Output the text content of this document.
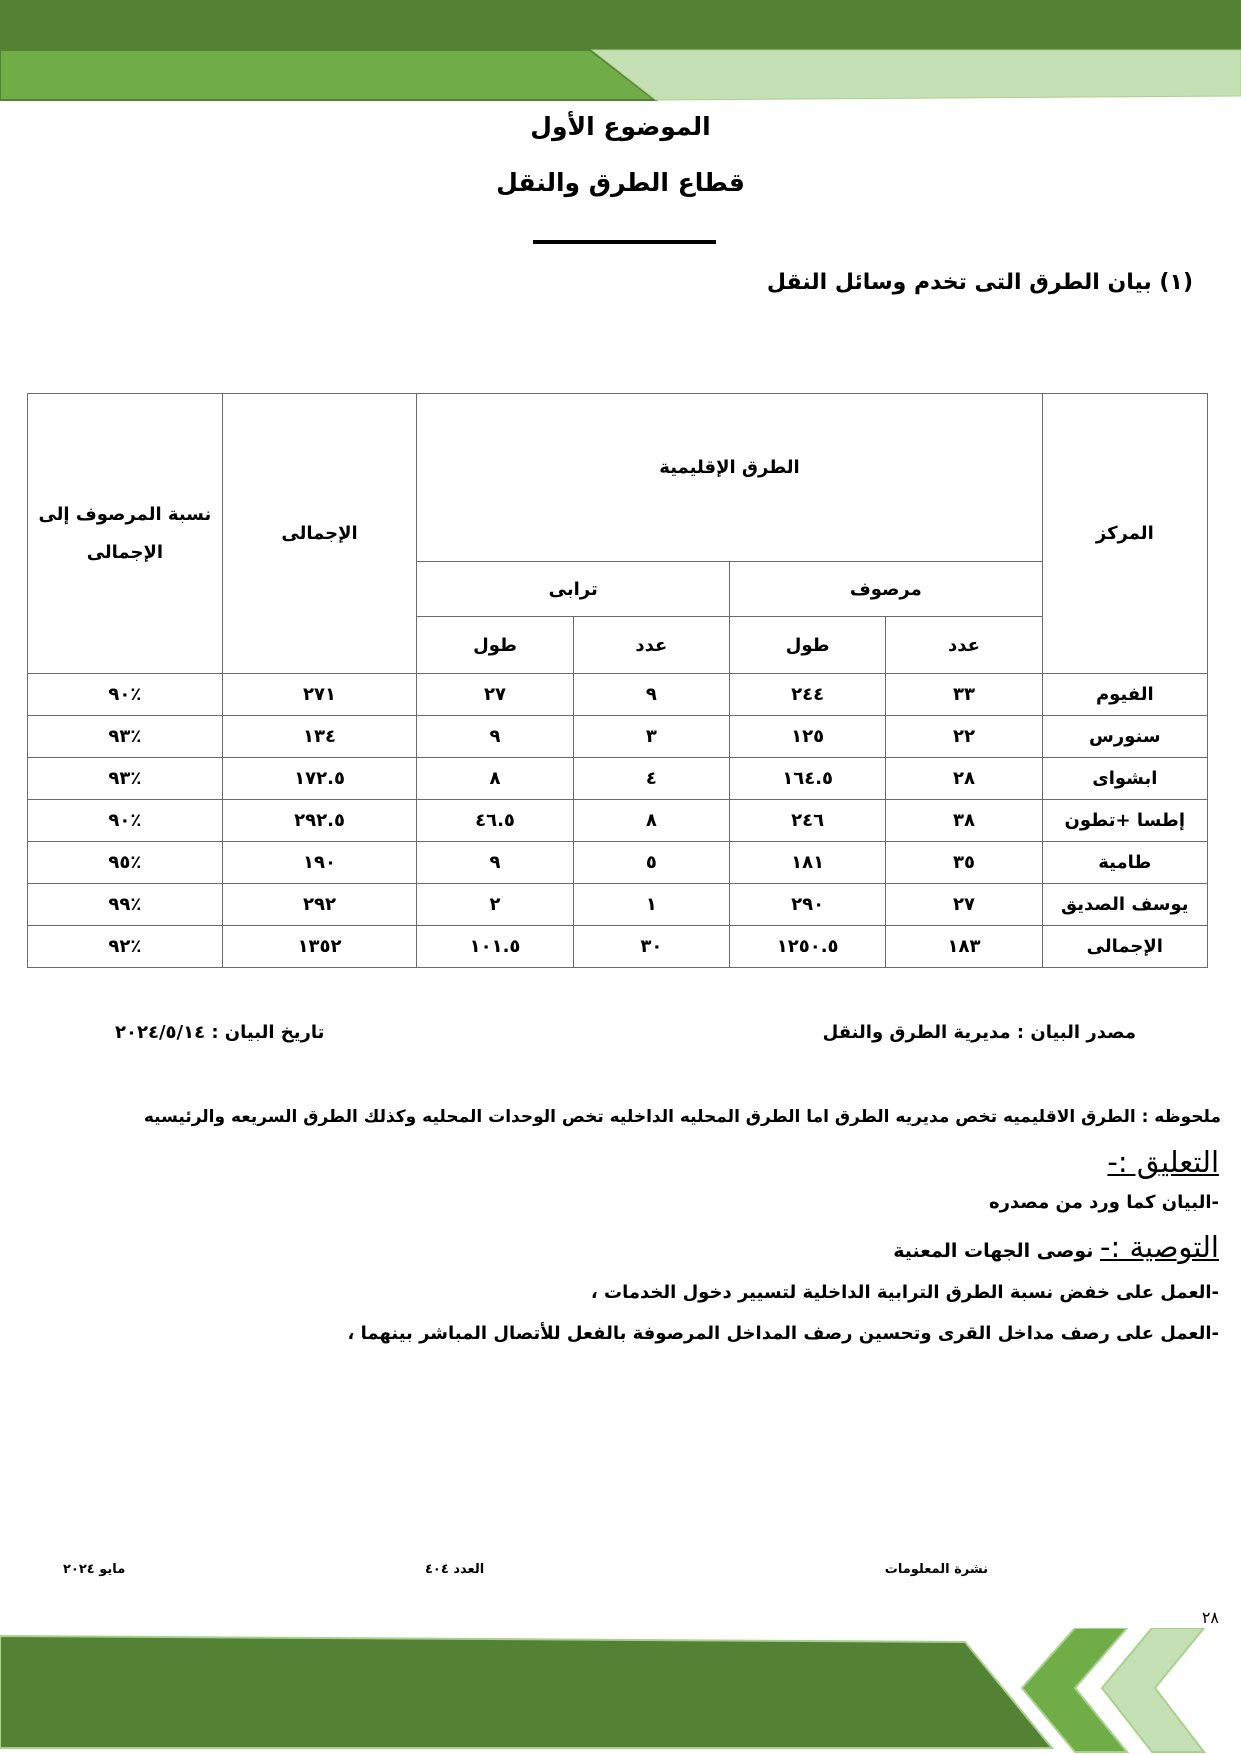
الموضوع الأول
قطاع الطرق والنقل
(١) بيان الطرق التى تخدم وسائل النقل
المركز	الطرق الإقليمية				الإجمالى	نسبة المرصوف إلى الإجمالى
	مرصوف		ترابى			
	عدد	طول	عدد	طول		
الفيوم	٣٣	٢٤٤	٩	٢٧	٢٧١	٪٩٠
سنورس	٢٢	١٢٥	٣	٩	١٣٤	٪٩٣
ابشواى	٢٨	١٦٤.٥	٤	٨	١٧٢.٥	٪٩٣
إطسا +تطون	٣٨	٢٤٦	٨	٤٦.٥	٢٩٢.٥	٪٩٠
طامية	٣٥	١٨١	٥	٩	١٩٠	٪٩٥
يوسف الصديق	٢٧	٢٩٠	١	٢	٢٩٢	٪٩٩
الإجمالى	١٨٣	١٢٥٠.٥	٣٠	١٠١.٥	١٣٥٢	٪٩٢
مصدر البيان : مديرية الطرق والنقل
تاريخ البيان : ٢٠٢٤/٥/١٤
ملحوظه : الطرق الاقليميه تخص مديريه الطرق اما الطرق المحليه الداخليه تخص الوحدات المحليه وكذلك الطرق السريعه والرئيسيه
التعليق :-
-البيان كما ورد من مصدره
التوصية :- نوصى الجهات المعنية
-العمل على خفض نسبة الطرق الترابية الداخلية لتسيير دخول الخدمات ،
-العمل على رصف مداخل القرى وتحسين رصف المداخل المرصوفة بالفعل للأتصال المباشر بينهما ،
نشرة المعلومات
العدد ٤٠٤
مايو ٢٠٢٤
٢٨
